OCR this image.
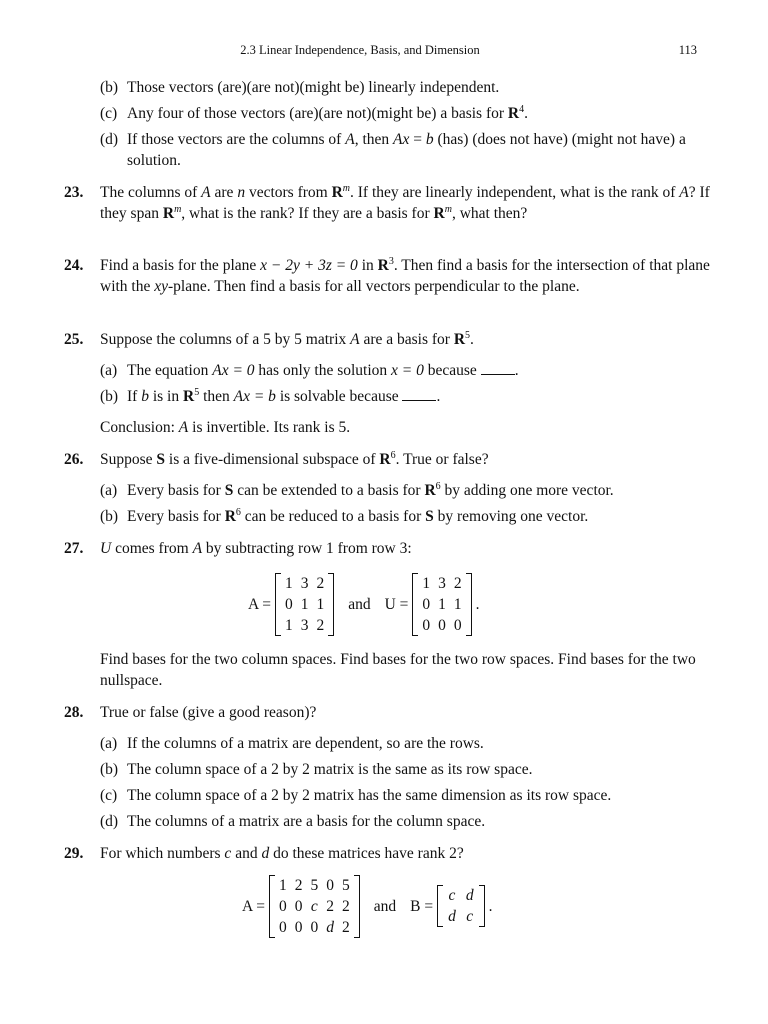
2.3 Linear Independence, Basis, and Dimension	113
(b) Those vectors (are)(are not)(might be) linearly independent.
(c) Any four of those vectors (are)(are not)(might be) a basis for $R^4$.
(d) If those vectors are the columns of A, then Ax = b (has) (does not have) (might not have) a solution.
23. The columns of A are n vectors from $R^m$. If they are linearly independent, what is the rank of A? If they span $R^m$, what is the rank? If they are a basis for $R^m$, what then?
24. Find a basis for the plane x − 2y + 3z = 0 in $R^3$. Then find a basis for the intersection of that plane with the xy-plane. Then find a basis for all vectors perpendicular to the plane.
25. Suppose the columns of a 5 by 5 matrix A are a basis for $R^5$.
(a) The equation Ax = 0 has only the solution x = 0 because .
(b) If b is in $R^5$ then Ax = b is solvable because .
Conclusion: A is invertible. Its rank is 5.
26. Suppose S is a five-dimensional subspace of $R^6$. True or false?
(a) Every basis for S can be extended to a basis for $R^6$ by adding one more vector.
(b) Every basis for $R^6$ can be reduced to a basis for S by removing one vector.
27. U comes from A by subtracting row 1 from row 3:
A =
1	3	2
0	1	1
1	3	2
and U =
1	3	2
0	1	1
0	0	0
.
Find bases for the two column spaces. Find bases for the two row spaces. Find bases for the two nullspace.
28. True or false (give a good reason)?
(a) If the columns of a matrix are dependent, so are the rows.
(b) The column space of a 2 by 2 matrix is the same as its row space.
(c) The column space of a 2 by 2 matrix has the same dimension as its row space.
(d) The columns of a matrix are a basis for the column space.
29. For which numbers c and d do these matrices have rank 2?
A =
1	2	5	0	5
0	0	c	2	2
0	0	0	d	2
and B =
c	d
d	c
.
